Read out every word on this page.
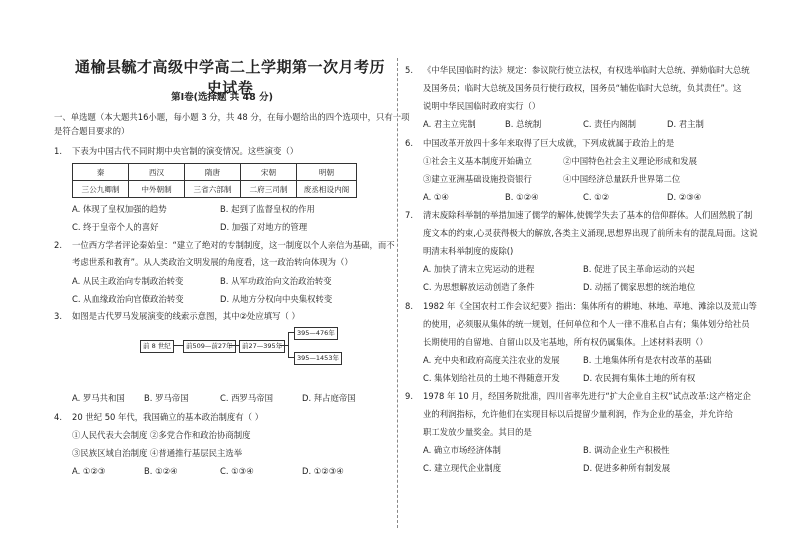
通榆县毓才高级中学高二上学期第一次月考历史试卷
第Ⅰ卷(选择题 共 48 分)
一、单选题（本大题共16小题，每小题 3 分，共 48 分，在每小题给出的四个选项中，只有一项
是符合题目要求的）
1. 下表为中国古代不同时期中央官制的演变情况。这些演变（）
秦	西汉	隋唐	宋朝	明朝
三公九卿制	中外朝制	三省六部制	二府三司制	废丞相设内阁
A. 体现了皇权加强的趋势	B. 起到了监督皇权的作用
C. 终于皇帝个人的喜好	D. 加强了对地方的管理
2. 一位西方学者评论秦始皇：“建立了绝对的专制制度，这一制度以个人亲信为基础，而不
考虑世系和教育”。从人类政治文明发展的角度看，这一政治转向体现为（）
A. 从民主政治向专制政治转变	B. 从军功政治向文治政治转变
C. 从血缘政治向官僚政治转变	D. 从地方分权向中央集权转变
3. 如图是古代罗马发展演变的线索示意图，其中②处应填写（ ）
前 8 世纪	前509—前27年	前27—395年
395—476年
395—1453年
A. 罗马共和国 B. 罗马帝国	C. 西罗马帝国	D. 拜占庭帝国
4. 20 世纪 50 年代，我国确立的基本政治制度有（ ）
①人民代表大会制度 ②多党合作和政治协商制度
③民族区域自治制度 ④普通推行基层民主选举
A. ①②③	B. ①②④	C. ①③④	D. ①②③④
5. 《中华民国临时约法》规定：参议院行使立法权，有权选举临时大总统、弹劾临时大总统
及国务员；临时大总统及国务员行使行政权，国务员“辅佐临时大总统，负其责任”。这
说明中华民国临时政府实行（）
A. 君主立宪制	B. 总统制	C. 责任内阁制	D. 君主制
6. 中国改革开放四十多年来取得了巨大成就，下列成就属于政治上的是
①社会主义基本制度开始确立	②中国特色社会主义理论形成和发展
③建立亚洲基础设施投资银行	④中国经济总量跃升世界第二位
A. ①④	B. ①②④	C. ①②	D. ②③④
7. 清末废除科举制的举措加速了儒学的解体,使儒学失去了基本的信仰群体。人们固然脱了制
度文本的约束,心灵获得极大的解放,各类主义涌现,思想界出现了前所未有的混乱局面。这说
明清末科举制度的废除()
A. 加快了清末立宪运动的进程	B. 促进了民主革命运动的兴起
C. 为思想解放运动创造了条件	D. 动摇了儒家思想的统治地位
8. 1982 年《全国农村工作会议纪要》指出：集体所有的耕地、林地、草地、滩涂以及荒山等
的使用，必须服从集体的统一规划，任何单位和个人一律不准私自占有；集体划分给社员
长期使用的自留地、自留山以及宅基地，所有权仍属集体。上述材料表明（）
A. 充中央和政府高度关注农业的发展	B. 土地集体所有是农村改革的基础
C. 集体划给社员的土地不得随意开发	D. 农民拥有集体土地的所有权
9. 1978 年 10 月，经国务院批准，四川省率先进行“扩大企业自主权”试点改革:这产格定企
业的利润指标，允许他们在实现目标以后提留少量利润，作为企业的基金，并允许给
职工发放少量奖金。其目的是
A. 确立市场经济体制	B. 调动企业生产积极性
C. 建立现代企业制度	D. 促进多种所有制发展
